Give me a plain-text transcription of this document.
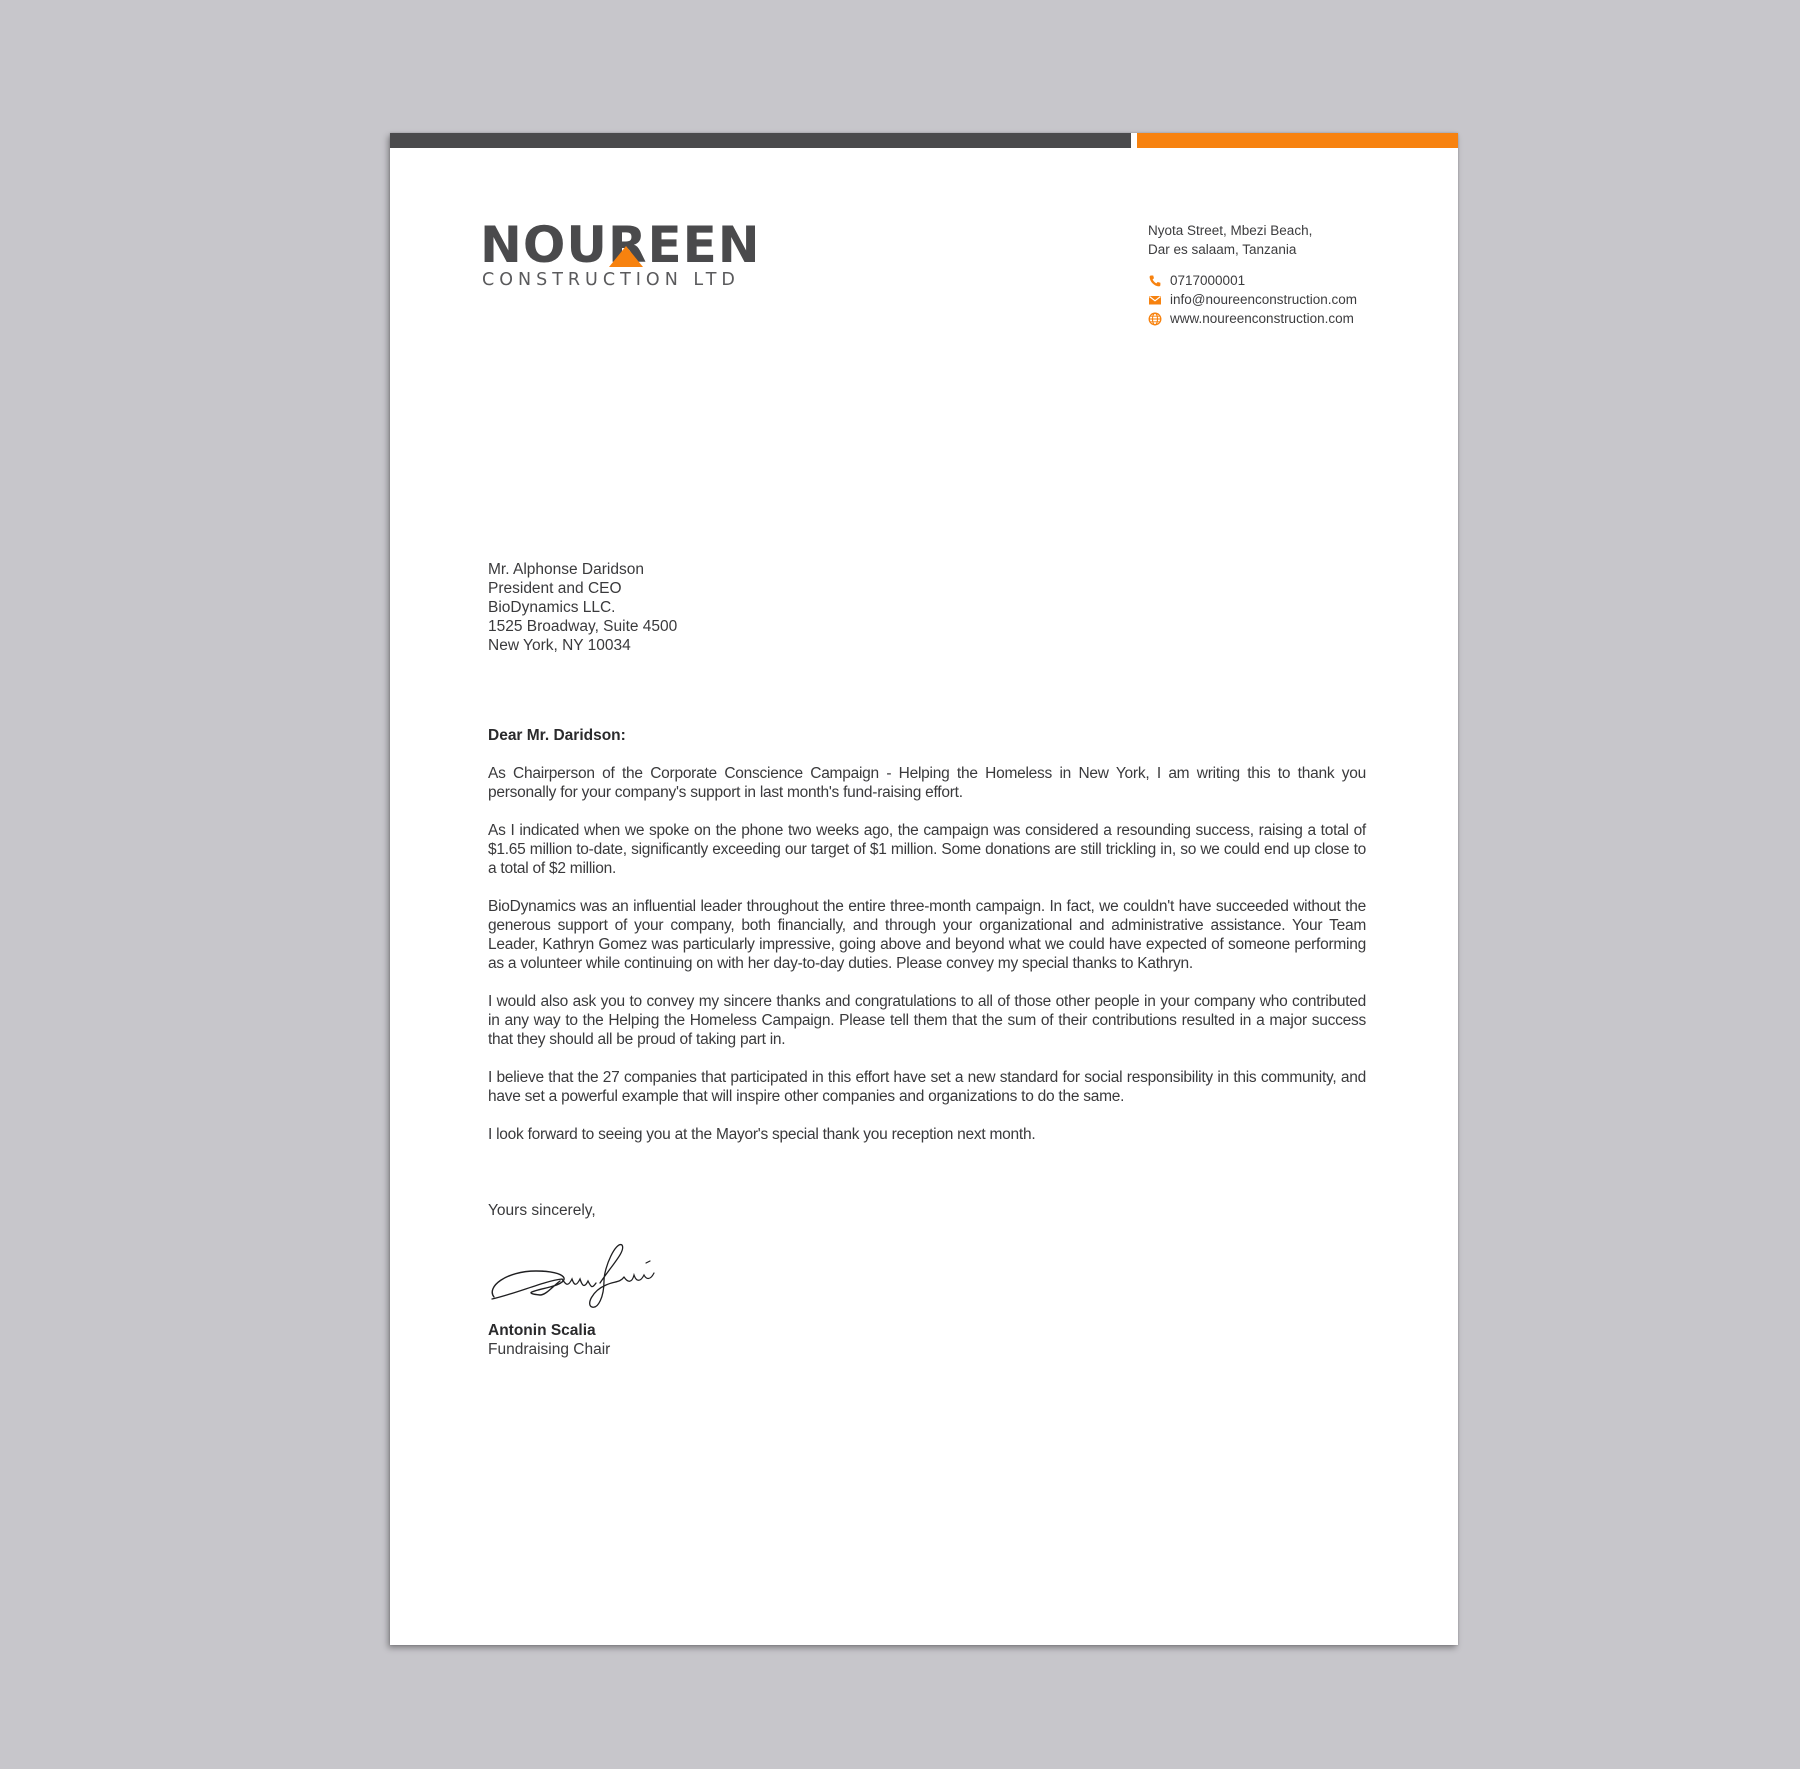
NOUREEN
CONSTRUCTION LTD
Nyota Street, Mbezi Beach,
Dar es salaam, Tanzania
0717000001
info@noureenconstruction.com
www.noureenconstruction.com
Mr. Alphonse Daridson
President and CEO
BioDynamics LLC.
1525 Broadway, Suite 4500
New York, NY 10034
Dear Mr. Daridson:

As Chairperson of the Corporate Conscience Campaign - Helping the Homeless in New York, I am writing this to thank you personally for your company's support in last month's fund-raising effort.

As I indicated when we spoke on the phone two weeks ago, the campaign was considered a resounding success, raising a total of $1.65 million to-date, significantly exceeding our target of $1 million. Some donations are still trickling in, so we could end up close to a total of $2 million.

BioDynamics was an influential leader throughout the entire three-month campaign. In fact, we couldn't have succeeded without the generous support of your company, both financially, and through your organizational and administrative assistance. Your Team Leader, Kathryn Gomez was particularly impressive, going above and beyond what we could have expected of someone performing as a volunteer while continuing on with her day-to-day duties. Please convey my special thanks to Kathryn.

I would also ask you to convey my sincere thanks and congratulations to all of those other people in your company who contributed in any way to the Helping the Homeless Campaign. Please tell them that the sum of their contributions resulted in a major success that they should all be proud of taking part in.

I believe that the 27 companies that participated in this effort have set a new standard for social responsibility in this community, and have set a powerful example that will inspire other companies and organizations to do the same.

I look forward to seeing you at the Mayor's special thank you reception next month.

Yours sincerely,
Antonin Scalia
Fundraising Chair
